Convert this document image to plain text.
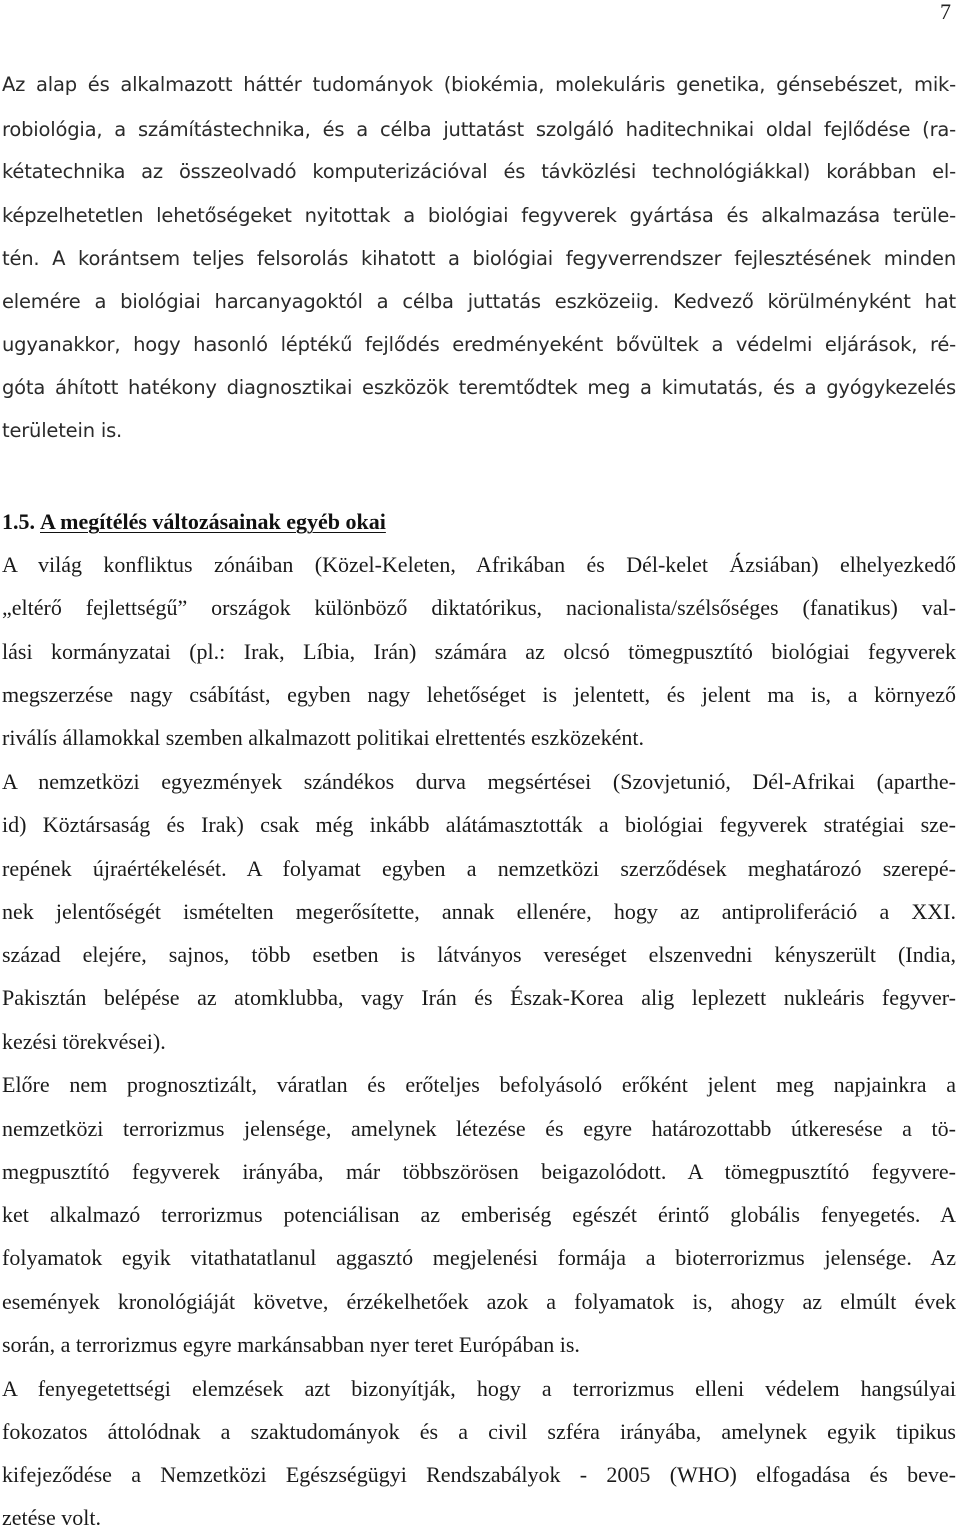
7
Az alap és alkalmazott háttér tudományok (biokémia, molekuláris genetika, génsebészet, mik-
robiológia, a számítástechnika, és a célba juttatást szolgáló haditechnikai oldal fejlődése (ra-
kétatechnika az összeolvadó komputerizációval és távközlési technológiákkal) korábban el-
képzelhetetlen lehetőségeket nyitottak a biológiai fegyverek gyártása és alkalmazása terüle-
tén. A korántsem teljes felsorolás kihatott a biológiai fegyverrendszer fejlesztésének minden
elemére a biológiai harcanyagoktól a célba juttatás eszközeiig. Kedvező körülményként hat
ugyanakkor, hogy hasonló léptékű fejlődés eredményeként bővültek a védelmi eljárások, ré-
góta áhított hatékony diagnosztikai eszközök teremtődtek meg a kimutatás, és a gyógykezelés
területein is.
1.5. A megítélés változásainak egyéb okai
A világ konfliktus zónáiban (Közel-Keleten, Afrikában és Dél-kelet Ázsiában) elhelyezkedő
„eltérő fejlettségű” országok különböző diktatórikus, nacionalista/szélsőséges (fanatikus) val-
lási kormányzatai (pl.: Irak, Líbia, Irán) számára az olcsó tömegpusztító biológiai fegyverek
megszerzése nagy csábítást, egyben nagy lehetőséget is jelentett, és jelent ma is, a környező
riválís államokkal szemben alkalmazott politikai elrettentés eszközeként.
A nemzetközi egyezmények szándékos durva megsértései (Szovjetunió, Dél-Afrikai (aparthe-
id) Köztársaság és Irak) csak még inkább alátámasztották a biológiai fegyverek stratégiai sze-
repének újraértékelését. A folyamat egyben a nemzetközi szerződések meghatározó szerepé-
nek jelentőségét ismételten megerősítette, annak ellenére, hogy az antiproliferáció a XXI.
század elejére, sajnos, több esetben is látványos vereséget elszenvedni kényszerült (India,
Pakisztán belépése az atomklubba, vagy Irán és Észak-Korea alig leplezett nukleáris fegyver-
kezési törekvései).
Előre nem prognosztizált, váratlan és erőteljes befolyásoló erőként jelent meg napjainkra a
nemzetközi terrorizmus jelensége, amelynek létezése és egyre határozottabb útkeresése a tö-
megpusztító fegyverek irányába, már többszörösen beigazolódott. A tömegpusztító fegyvere-
ket alkalmazó terrorizmus potenciálisan az emberiség egészét érintő globális fenyegetés. A
folyamatok egyik vitathatatlanul aggasztó megjelenési formája a bioterrorizmus jelensége. Az
események kronológiáját követve, érzékelhetőek azok a folyamatok is, ahogy az elmúlt évek
során, a terrorizmus egyre markánsabban nyer teret Európában is.
A fenyegetettségi elemzések azt bizonyítják, hogy a terrorizmus elleni védelem hangsúlyai
fokozatos áttolódnak a szaktudományok és a civil szféra irányába, amelynek egyik tipikus
kifejeződése a Nemzetközi Egészségügyi Rendszabályok - 2005 (WHO) elfogadása és beve-
zetése volt.
